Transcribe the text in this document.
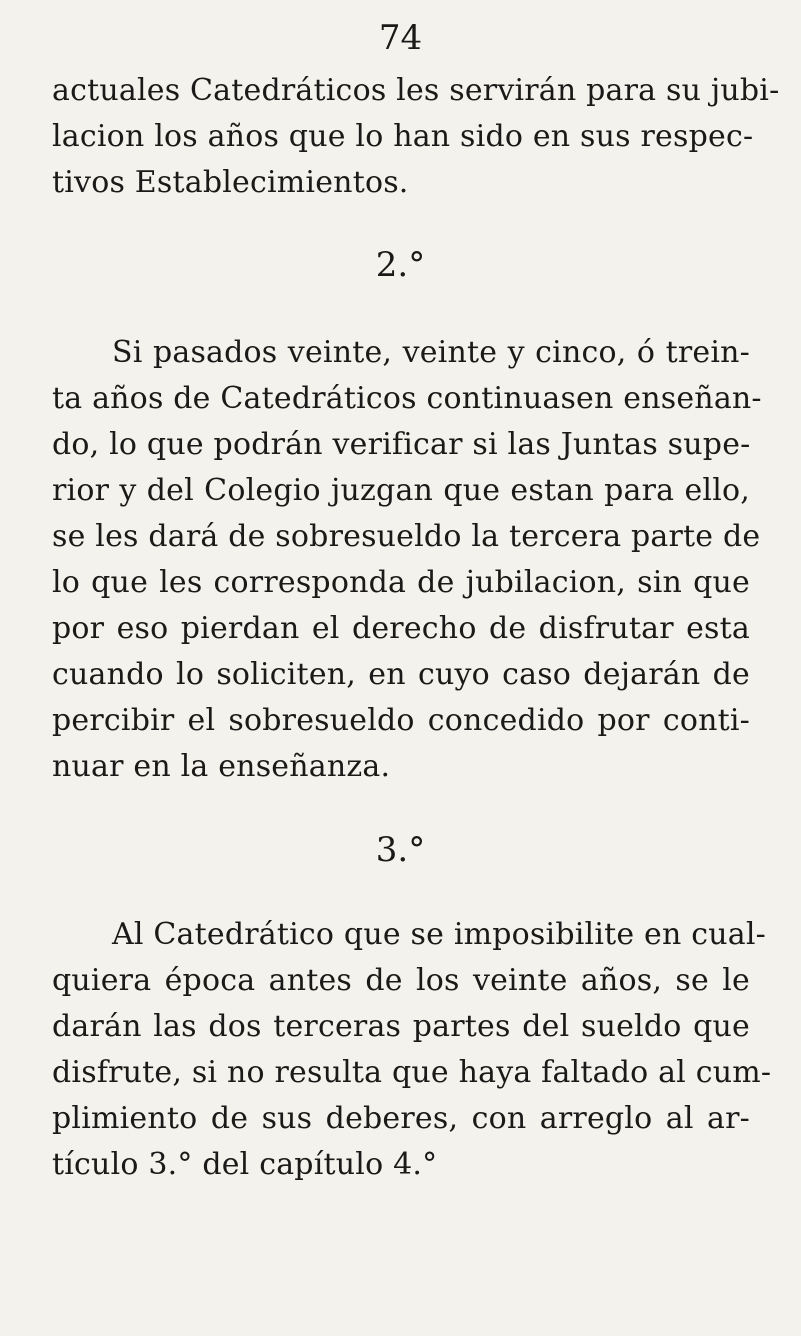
74
actuales Catedráticos les servirán para su jubi-
lacion los años que lo han sido en sus respec-
tivos Establecimientos.
2.°
Si pasados veinte, veinte y cinco, ó trein-
ta años de Catedráticos continuasen enseñan-
do, lo que podrán verificar si las Juntas supe-
rior y del Colegio juzgan que estan para ello,
se les dará de sobresueldo la tercera parte de
lo que les corresponda de jubilacion, sin que
por eso pierdan el derecho de disfrutar esta
cuando lo soliciten, en cuyo caso dejarán de
percibir el sobresueldo concedido por conti-
nuar en la enseñanza.
3.°
Al Catedrático que se imposibilite en cual-
quiera época antes de los veinte años, se le
darán las dos terceras partes del sueldo que
disfrute, si no resulta que haya faltado al cum-
plimiento de sus deberes, con arreglo al ar-
tículo 3.° del capítulo 4.°
